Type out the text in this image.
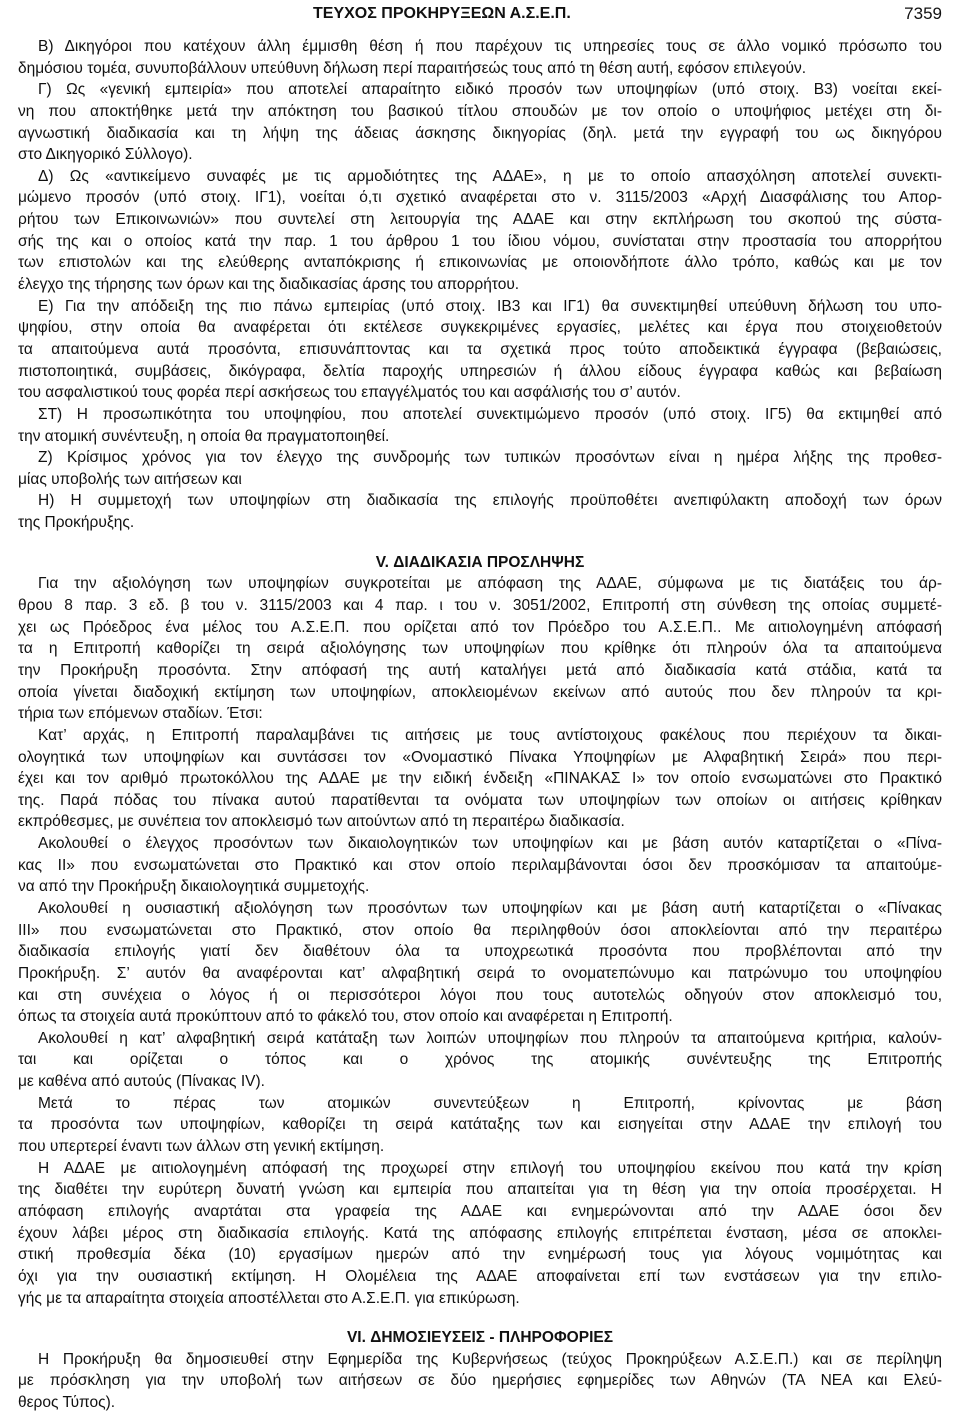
ΤΕΥΧΟΣ ΠΡΟΚΗΡΥΞΕΩΝ Α.Σ.Ε.Π.	7359
Β) Δικηγόροι που κατέχουν άλλη έμμισθη θέση ή που παρέχουν τις υπηρεσίες τους σε άλλο νομικό πρόσωπο του
δημόσιου τομέα, συνυποβάλλουν υπεύθυνη δήλωση περί παραιτήσεώς τους από τη θέση αυτή, εφόσον επιλεγούν.
Γ) Ως «γενική εμπειρία» που αποτελεί απαραίτητο ειδικό προσόν των υποψηφίων (υπό στοιχ. Β3) νοείται εκεί-
νη που αποκτήθηκε μετά την απόκτηση του βασικού τίτλου σπουδών με τον οποίο ο υποψήφιος μετέχει στη δι-
αγνωστική διαδικασία και τη λήψη της άδειας άσκησης δικηγορίας (δηλ. μετά την εγγραφή του ως δικηγόρου
στο Δικηγορικό Σύλλογο).
Δ) Ως «αντικείμενο συναφές με τις αρμοδιότητες της ΑΔΑΕ», η με το οποίο απασχόληση αποτελεί συνεκτι-
μώμενο προσόν (υπό στοιχ. ΙΓ1), νοείται ό,τι σχετικό αναφέρεται στο ν. 3115/2003 «Αρχή Διασφάλισης του Απορ-
ρήτου των Επικοινωνιών» που συντελεί στη λειτουργία της ΑΔΑΕ και στην εκπλήρωση του σκοπού της σύστα-
σής της και ο οποίος κατά την παρ. 1 του άρθρου 1 του ίδιου νόμου, συνίσταται στην προστασία του απορρήτου
των επιστολών και της ελεύθερης ανταπόκρισης ή επικοινωνίας με οποιονδήποτε άλλο τρόπο, καθώς και με τον
έλεγχο της τήρησης των όρων και της διαδικασίας άρσης του απορρήτου.
Ε) Για την απόδειξη της πιο πάνω εμπειρίας (υπό στοιχ. ΙΒ3 και ΙΓ1) θα συνεκτιμηθεί υπεύθυνη δήλωση του υπο-
ψηφίου, στην οποία θα αναφέρεται ότι εκτέλεσε συγκεκριμένες εργασίες, μελέτες και έργα που στοιχειοθετούν
τα απαιτούμενα αυτά προσόντα, επισυνάπτοντας και τα σχετικά προς τούτο αποδεικτικά έγγραφα (βεβαιώσεις,
πιστοποιητικά, συμβάσεις, δικόγραφα, δελτία παροχής υπηρεσιών ή άλλου είδους έγγραφα καθώς και βεβαίωση
του ασφαλιστικού τους φορέα περί ασκήσεως του επαγγέλματός του και ασφάλισής του σ’ αυτόν.
ΣΤ) Η προσωπικότητα του υποψηφίου, που αποτελεί συνεκτιμώμενο προσόν (υπό στοιχ. ΙΓ5) θα εκτιμηθεί από
την ατομική συνέντευξη, η οποία θα πραγματοποιηθεί.
Ζ) Κρίσιμος χρόνος για τον έλεγχο της συνδρομής των τυπικών προσόντων είναι η ημέρα λήξης της προθεσ-
μίας υποβολής των αιτήσεων και
Η) Η συμμετοχή των υποψηφίων στη διαδικασία της επιλογής προϋποθέτει ανεπιφύλακτη αποδοχή των όρων
της Προκήρυξης.
V. ΔΙΑΔΙΚΑΣΙΑ ΠΡΟΣΛΗΨΗΣ
Για την αξιολόγηση των υποψηφίων συγκροτείται με απόφαση της ΑΔΑΕ, σύμφωνα με τις διατάξεις του άρ-
θρου 8 παρ. 3 εδ. β του ν. 3115/2003 και 4 παρ. ι του ν. 3051/2002, Επιτροπή στη σύνθεση της οποίας συμμετέ-
χει ως Πρόεδρος ένα μέλος του Α.Σ.Ε.Π. που ορίζεται από τον Πρόεδρο του Α.Σ.Ε.Π.. Με αιτιολογημένη απόφασή
τα η Επιτροπή καθορίζει τη σειρά αξιολόγησης των υποψηφίων που κρίθηκε ότι πληρούν όλα τα απαιτούμενα
την Προκήρυξη προσόντα. Στην απόφασή της αυτή καταλήγει μετά από διαδικασία κατά στάδια, κατά τα
οποία γίνεται διαδοχική εκτίμηση των υποψηφίων, αποκλειομένων εκείνων από αυτούς που δεν πληρούν τα κρι-
τήρια των επόμενων σταδίων. Έτσι:
Κατ’ αρχάς, η Επιτροπή παραλαμβάνει τις αιτήσεις με τους αντίστοιχους φακέλους που περιέχουν τα δικαι-
ολογητικά των υποψηφίων και συντάσσει τον «Ονομαστικό Πίνακα Υποψηφίων με Αλφαβητική Σειρά» που περι-
έχει και τον αριθμό πρωτοκόλλου της ΑΔΑΕ με την ειδική ένδειξη «ΠΙΝΑΚΑΣ Ι» τον οποίο ενσωματώνει στο Πρακτικό
της. Παρά πόδας του πίνακα αυτού παρατίθενται τα ονόματα των υποψηφίων των οποίων οι αιτήσεις κρίθηκαν
εκπρόθεσμες, με συνέπεια τον αποκλεισμό των αιτούντων από τη περαιτέρω διαδικασία.
Ακολουθεί ο έλεγχος προσόντων των δικαιολογητικών των υποψηφίων και με βάση αυτόν καταρτίζεται ο «Πίνα-
κας ΙΙ» που ενσωματώνεται στο Πρακτικό και στον οποίο περιλαμβάνονται όσοι δεν προσκόμισαν τα απαιτούμε-
να από την Προκήρυξη δικαιολογητικά συμμετοχής.
Ακολουθεί η ουσιαστική αξιολόγηση των προσόντων των υποψηφίων και με βάση αυτή καταρτίζεται ο «Πίνακας
ΙΙΙ» που ενσωματώνεται στο Πρακτικό, στον οποίο θα περιληφθούν όσοι αποκλείονται από την περαιτέρω
διαδικασία επιλογής γιατί δεν διαθέτουν όλα τα υποχρεωτικά προσόντα που προβλέπονται από την
Προκήρυξη. Σ’ αυτόν θα αναφέρονται κατ’ αλφαβητική σειρά το ονοματεπώνυμο και πατρώνυμο του υποψηφίου
και στη συνέχεια ο λόγος ή οι περισσότεροι λόγοι που τους αυτοτελώς οδηγούν στον αποκλεισμό του,
όπως τα στοιχεία αυτά προκύπτουν από το φάκελό του, στον οποίο και αναφέρεται η Επιτροπή.
Ακολουθεί η κατ’ αλφαβητική σειρά κατάταξη των λοιπών υποψηφίων που πληρούν τα απαιτούμενα κριτήρια, καλούν-
ται και ορίζεται ο τόπος και ο χρόνος της ατομικής συνέντευξης της Επιτροπής
με καθένα από αυτούς (Πίνακας IV).
Μετά το πέρας των ατομικών συνεντεύξεων η Επιτροπή, κρίνοντας με βάση
τα προσόντα των υποψηφίων, καθορίζει τη σειρά κατάταξης των και εισηγείται στην ΑΔΑΕ την επιλογή του
που υπερτερεί έναντι των άλλων στη γενική εκτίμηση.
Η ΑΔΑΕ με αιτιολογημένη απόφασή της προχωρεί στην επιλογή του υποψηφίου εκείνου που κατά την κρίση
της διαθέτει την ευρύτερη δυνατή γνώση και εμπειρία που απαιτείται για τη θέση για την οποία προσέρχεται. Η
απόφαση επιλογής αναρτάται στα γραφεία της ΑΔΑΕ και ενημερώνονται από την ΑΔΑΕ όσοι δεν
έχουν λάβει μέρος στη διαδικασία επιλογής. Κατά της απόφασης επιλογής επιτρέπεται ένσταση, μέσα σε αποκλει-
στική προθεσμία δέκα (10) εργασίμων ημερών από την ενημέρωσή τους για λόγους νομιμότητας και
όχι για την ουσιαστική εκτίμηση. Η Ολομέλεια της ΑΔΑΕ αποφαίνεται επί των ενστάσεων για την επιλο-
γής με τα απαραίτητα στοιχεία αποστέλλεται στο Α.Σ.Ε.Π. για επικύρωση.
VI. ΔΗΜΟΣΙΕΥΣΕΙΣ - ΠΛΗΡΟΦΟΡΙΕΣ
Η Προκήρυξη θα δημοσιευθεί στην Εφημερίδα της Κυβερνήσεως (τεύχος Προκηρύξεων Α.Σ.Ε.Π.) και σε περίληψη
με πρόσκληση για την υποβολή των αιτήσεων σε δύο ημερήσιες εφημερίδες των Αθηνών (ΤΑ ΝΕΑ και Ελεύ-
θερος Τύπος).
